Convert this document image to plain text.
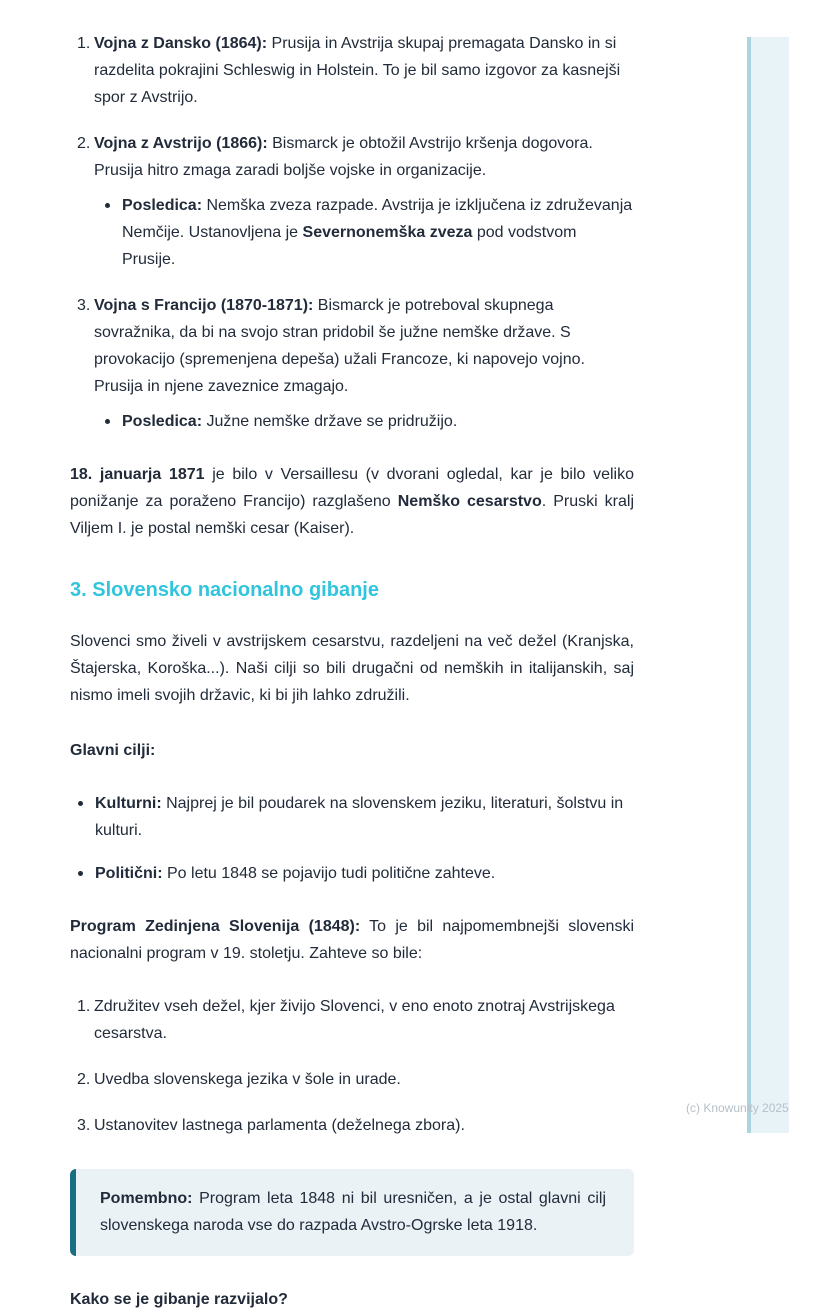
(c) Knowunity 2025
1. Vojna z Dansko (1864): Prusija in Avstrija skupaj premagata Dansko in si razdelita pokrajini Schleswig in Holstein. To je bil samo izgovor za kasnejši spor z Avstrijo.
2. Vojna z Avstrijo (1866): Bismarck je obtožil Avstrijo kršenja dogovora. Prusija hitro zmaga zaradi boljše vojske in organizacije.
Posledica: Nemška zveza razpade. Avstrija je izključena iz združevanja Nemčije. Ustanovljena je Severnonemška zveza pod vodstvom Prusije.
3. Vojna s Francijo (1870-1871): Bismarck je potreboval skupnega sovražnika, da bi na svojo stran pridobil še južne nemške države. S provokacijo (spremenjena depeša) užali Francoze, ki napovejo vojno. Prusija in njene zaveznice zmagajo.
Posledica: Južne nemške države se pridružijo.
18. januarja 1871 je bilo v Versaillesu (v dvorani ogledal, kar je bilo veliko ponižanje za poraženo Francijo) razglašeno Nemško cesarstvo. Pruski kralj Viljem I. je postal nemški cesar (Kaiser).
3. Slovensko nacionalno gibanje
Slovenci smo živeli v avstrijskem cesarstvu, razdeljeni na več dežel (Kranjska, Štajerska, Koroška...). Naši cilji so bili drugačni od nemških in italijanskih, saj nismo imeli svojih državic, ki bi jih lahko združili.
Glavni cilji:
Kulturni: Najprej je bil poudarek na slovenskem jeziku, literaturi, šolstvu in kulturi.
Politični: Po letu 1848 se pojavijo tudi politične zahteve.
Program Zedinjena Slovenija (1848): To je bil najpomembnejši slovenski nacionalni program v 19. stoletju. Zahteve so bile:
1. Združitev vseh dežel, kjer živijo Slovenci, v eno enoto znotraj Avstrijskega cesarstva.
2. Uvedba slovenskega jezika v šole in urade.
3. Ustanovitev lastnega parlamenta (deželnega zbora).
Pomembno: Program leta 1848 ni bil uresničen, a je ostal glavni cilj slovenskega naroda vse do razpada Avstro-Ogrske leta 1918.
Kako se je gibanje razvijalo?
